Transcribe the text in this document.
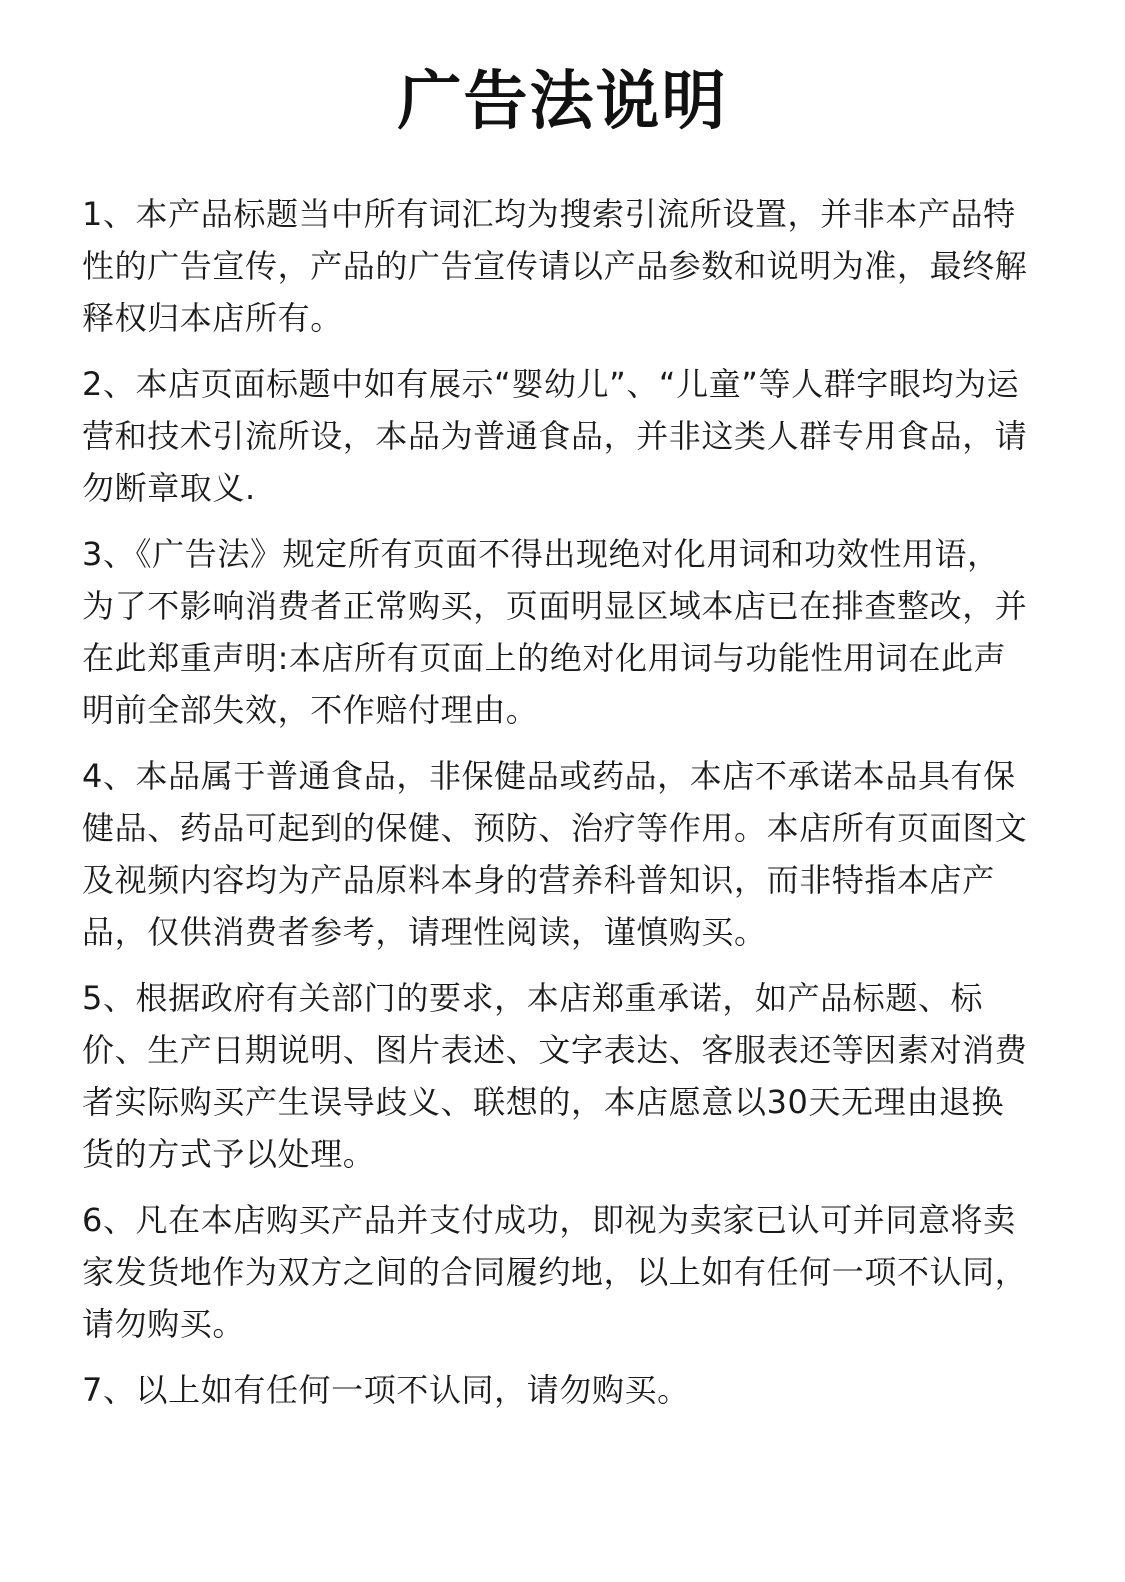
广告法说明
1、本产品标题当中所有词汇均为搜索引流所设置，并非本产品特性的广告宣传，产品的广告宣传请以产品参数和说明为准，最终解释权归本店所有。
2、本店页面标题中如有展示“婴幼儿”、“儿童”等人群字眼均为运营和技术引流所设，本品为普通食品，并非这类人群专用食品，请勿断章取义.
3、《广告法》规定所有页面不得出现绝对化用词和功效性用语，为了不影响消费者正常购买，页面明显区域本店已在排查整改，并在此郑重声明:本店所有页面上的绝对化用词与功能性用词在此声明前全部失效，不作赔付理由。
4、本品属于普通食品，非保健品或药品，本店不承诺本品具有保健品、药品可起到的保健、预防、治疗等作用。本店所有页面图文及视频内容均为产品原料本身的营养科普知识，而非特指本店产品，仅供消费者参考，请理性阅读，谨慎购买。
5、根据政府有关部门的要求，本店郑重承诺，如产品标题、标价、生产日期说明、图片表述、文字表达、客服表还等因素对消费者实际购买产生误导歧义、联想的，本店愿意以30天无理由退换货的方式予以处理。
6、凡在本店购买产品并支付成功，即视为卖家已认可并同意将卖家发货地作为双方之间的合同履约地，以上如有任何一项不认同，请勿购买。
7、以上如有任何一项不认同，请勿购买。
